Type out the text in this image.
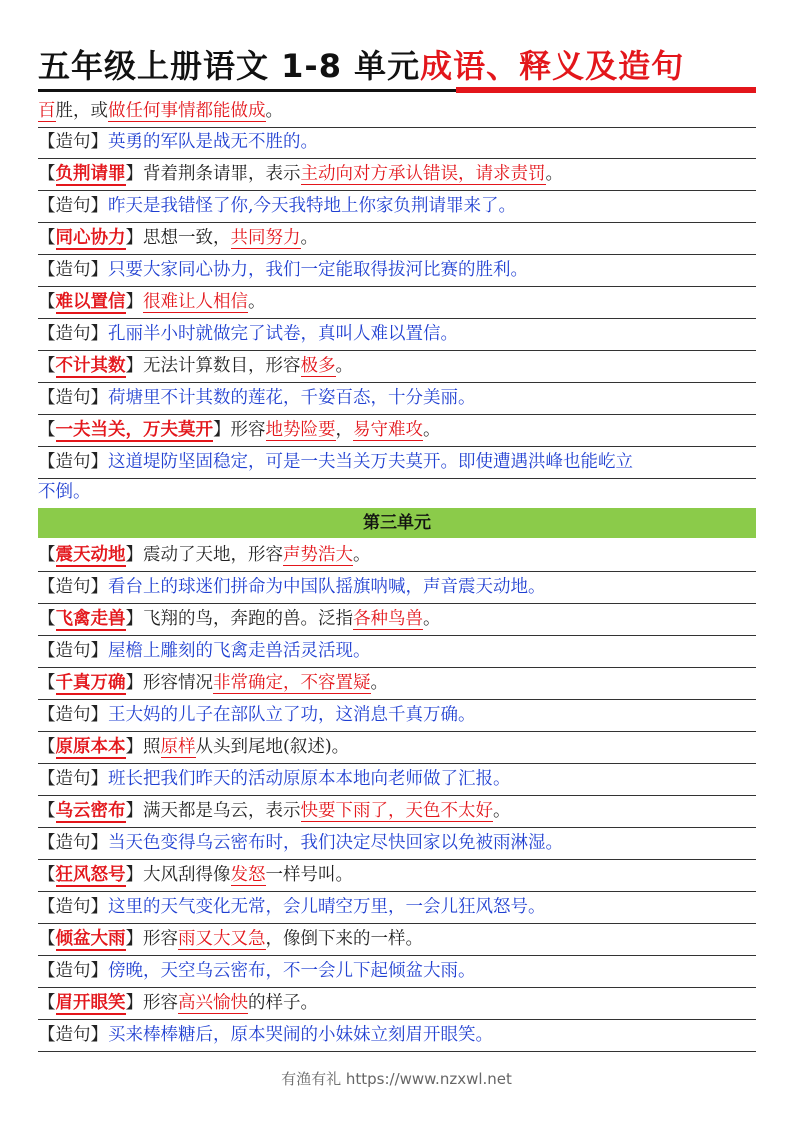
五年级上册语文 1-8 单元成语、释义及造句
百胜，或做任何事情都能做成。
【造句】英勇的军队是战无不胜的。
【负荆请罪】背着荆条请罪，表示主动向对方承认错误，请求责罚。
【造句】昨天是我错怪了你,今天我特地上你家负荆请罪来了。
【同心协力】思想一致，共同努力。
【造句】只要大家同心协力，我们一定能取得拔河比赛的胜利。
【难以置信】很难让人相信。
【造句】孔丽半小时就做完了试卷，真叫人难以置信。
【不计其数】无法计算数目，形容极多。
【造句】荷塘里不计其数的莲花，千姿百态，十分美丽。
【一夫当关，万夫莫开】形容地势险要，易守难攻。
【造句】这道堤防坚固稳定，可是一夫当关万夫莫开。即使遭遇洪峰也能屹立
不倒。
第三单元
【震天动地】震动了天地，形容声势浩大。
【造句】看台上的球迷们拼命为中国队摇旗呐喊，声音震天动地。
【飞禽走兽】飞翔的鸟，奔跑的兽。泛指各种鸟兽。
【造句】屋檐上雕刻的飞禽走兽活灵活现。
【千真万确】形容情况非常确定，不容置疑。
【造句】王大妈的儿子在部队立了功，这消息千真万确。
【原原本本】照原样从头到尾地(叙述)。
【造句】班长把我们昨天的活动原原本本地向老师做了汇报。
【乌云密布】满天都是乌云，表示快要下雨了，天色不太好。
【造句】当天色变得乌云密布时，我们决定尽快回家以免被雨淋湿。
【狂风怒号】大风刮得像发怒一样号叫。
【造句】这里的天气变化无常，会儿晴空万里，一会儿狂风怒号。
【倾盆大雨】形容雨又大又急，像倒下来的一样。
【造句】傍晚，天空乌云密布，不一会儿下起倾盆大雨。
【眉开眼笑】形容高兴愉快的样子。
【造句】买来棒棒糖后，原本哭闹的小妹妹立刻眉开眼笑。
有渔有礼 https://www.nzxwl.net
